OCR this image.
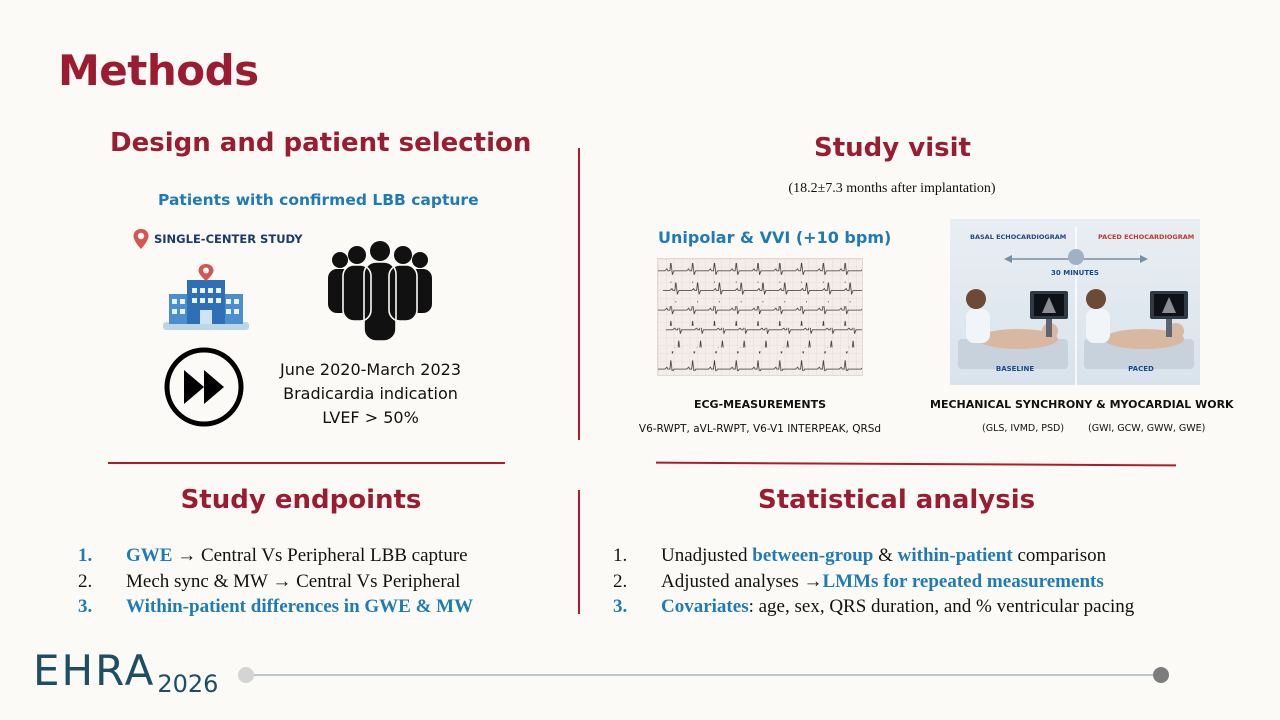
Methods
Design and patient selection
Patients with confirmed LBB capture
SINGLE-CENTER STUDY
June 2020-March 2023
Bradicardia indication
LVEF > 50%
Study visit
(18.2±7.3 months after implantation)
Unipolar & VVI (+10 bpm)
ECG-MEASUREMENTS
V6-RWPT, aVL-RWPT, V6-V1 INTERPEAK, QRSd
BASAL ECHOCARDIOGRAM	PACED ECHOCARDIOGRAM
30 MINUTES
BASELINE	PACED
MECHANICAL SYNCHRONY & MYOCARDIAL WORK
(GLS, IVMD, PSD)	(GWI, GCW, GWW, GWE)
Study endpoints
1.	GWE → Central Vs Peripheral LBB capture
2.	Mech sync & MW → Central Vs Peripheral
3.	Within-patient differences in GWE & MW
Statistical analysis
1.	Unadjusted between-group & within-patient comparison
2.	Adjusted analyses → LMMs for repeated measurements
3.	Covariates : age, sex, QRS duration, and % ventricular pacing
EHRA 2026
